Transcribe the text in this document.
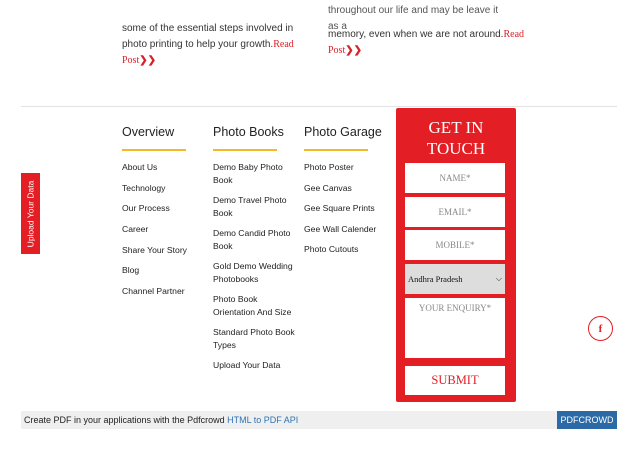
some of the essential steps involved in photo printing to help your growth.Read Post❯❯
throughout our life and may be leave it as a
memory, even when we are not around.Read Post❯❯
Overview
About Us
Technology
Our Process
Career
Share Your Story
Blog
Channel Partner
Photo Books
Demo Baby Photo Book
Demo Travel Photo Book
Demo Candid Photo Book
Gold Demo Wedding Photobooks
Photo Book Orientation And Size
Standard Photo Book Types
Upload Your Data
Photo Garage
Photo Poster
Gee Canvas
Gee Square Prints
Gee Wall Calender
Photo Cutouts
Upload Your Data
GET IN
TOUCH
NAME*
EMAIL*
MOBILE*
Andhra Pradesh	⌵
YOUR ENQUIRY*
SUBMIT
f
Create PDF in your applications with the Pdfcrowd HTML to PDF API	PDFCROWD
